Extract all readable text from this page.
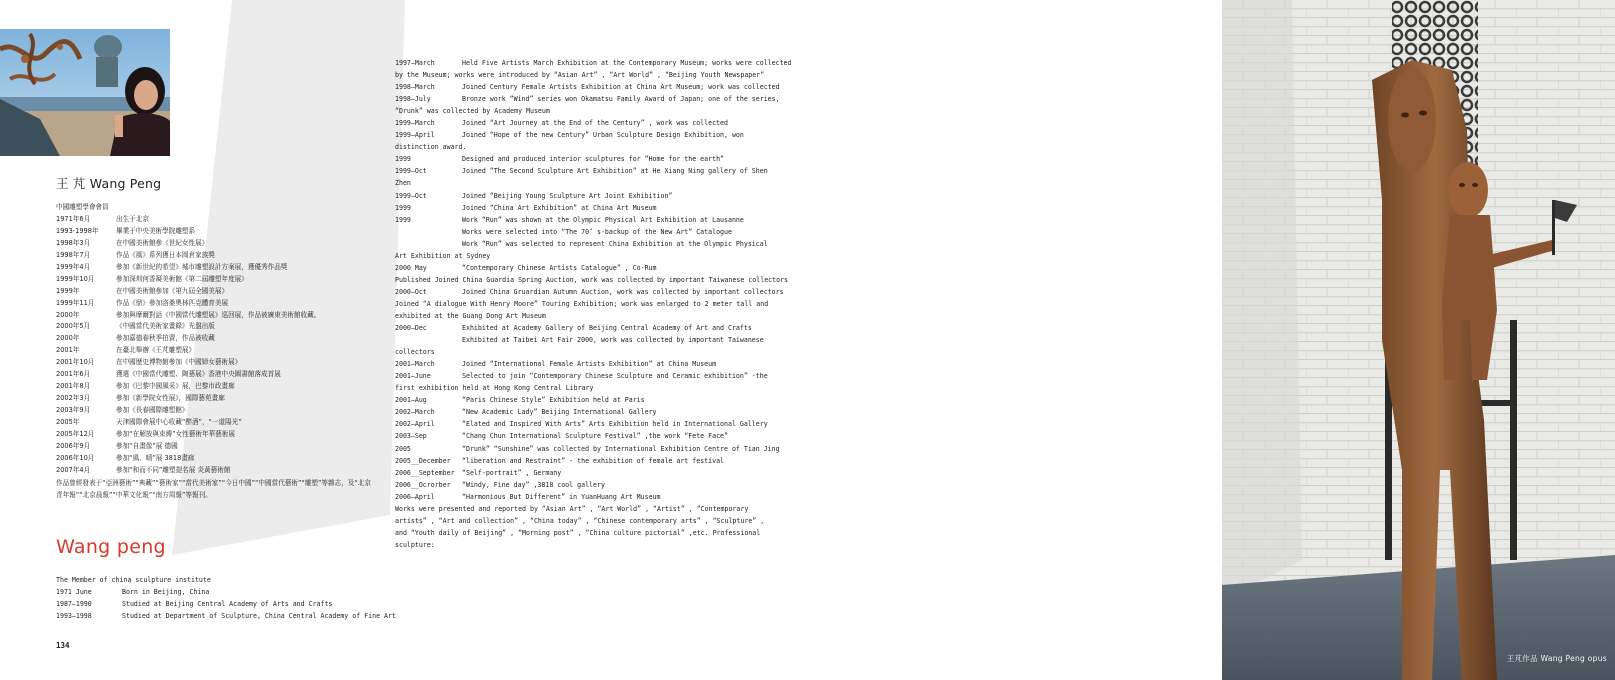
王 芃 Wang Peng
中國雕塑學會會員
1971年6月	出生于北京
1993-1998年	畢業于中央美術學院雕塑系
1998年3月	在中國美術館參《世紀女性展》
1998年7月	作品《風》系列獲日本岡倉家族獎
1999年4月	參加《新世紀的希望》城市雕塑設計方案展，獲優秀作品獎
1999年10月	參加深圳何香凝美術館《第二屆雕塑年度展》
1999年	在中國美術館參加《第九屆全國美展》
1999年11月	作品《鼎》參加洛桑奧林匹克體育美展
2000年	參加與摩爾對話《中國當代雕塑展》巡回展，作品被廣東美術館收藏。
2000年5月	《中國當代美術家畫錄》光盤出版
2000年	參加嘉德春秋季拍賣，作品被收藏
2001年	在臺北舉辦《王芃雕塑展》
2001年10月	在中國歷史博物館參加《中國婦女藝術展》
2001年6月	獲選《中國當代雕塑、陶藝展》香港中央圖書館落成首展
2001年8月	參加《巴黎中國風采》展，巴黎市政畫廊
2002年3月	參加《新學院女性展》，國際藝苑畫廊
2003年9月	參加《長春國際雕塑館》
2005年	天津國際會展中心收藏“醉酒”，“一道陽光”
2005年12月	參加“在解放與束縛”女性藝術年華藝術展
2006年9月	參加“自畫像”展 德國
2006年10月	參加“風、晴”展 3818畫廊
2007年4月	參加“和而不同”雕塑提名展 炎黃藝術館
作品曾經發表于“亞洲藝術”“典藏”“藝術家”“當代美術家”“今日中國”“中國當代藝術”“雕塑”等雜志，及“北京青年報”“北京晨報”“中華文化報”“南方周報”等報刊。
Wang peng
The Member of china sculpture institute
1971 June	Born in Beijing, China
1987—1990	Studied at Beijing Central Academy of Arts and Crafts
1993—1998	Studied at Department of Sculpture, China Central Academy of Fine Art
134
1997—March	Held Five Artists March Exhibition at the Contemporary Museum; works were collected
by the Museum; works were introduced by “Asian Art” , “Art World” , “Beijing Youth Newspaper”
1998—March	Joined Century Female Artists Exhibition at China Art Museum; work was collected
1998—July	Bronze work “Wind” series won Okamatsu Family Award of Japan; one of the series,
“Drunk” was collected by Academy Museum
1999—March	Joined “Art Journey at the End of the Century” , work was collected
1999—April	Joined “Hope of the new Century” Urban Sculpture Design Exhibition, won
distinction award.
1999	Designed and produced interior sculptures for “Home for the earth”
1999—Oct	Joined “The Second Sculpture Art Exhibition” at He Xiang Ning gallery of Shen
Zhen
1999—Oct	Joined “Beijing Young Sculpture Art Joint Exhibition”
1999	Joined “China Art Exhibition” at China Art Museum
1999	Work “Run” was shown at the Olympic Physical Art Exhibition at Lausanne
Works were selected into “The 70’ s-backup of the New Art” Catalogue
Work “Run” was selected to represent China Exhibition at the Olympic Physical
Art Exhibition at Sydney
2000 May	“Contemporary Chinese Artists Catalogue” , Co-Rum
Published Joined China Guardia Spring Auction, work was collected by important Taiwanese collectors
2000—Oct	Joined China Gruardian Autumn Auction, work was collected by important collectors
Joined “A dialogue With Henry Moore” Touring Exhibition; work was enlarged to 2 meter tall and
exhibited at the Guang Dong Art Museum
2000—Dec	Exhibited at Academy Gallery of Beijing Central Academy of Art and Crafts
Exhibited at Taibei Art Fair 2000, work was collected by important Taiwanese
collectors
2001—March	Joined “International Female Artists Exhibition” at China Museum
2001—June	Selected to join “Contemporary Chinese Sculpture and Ceramic exhibition” -the
first exhibition held at Hong Kong Central Library
2001—Aug	“Paris Chinese Style” Exhibition held at Paris
2002—March	“New Academic Lady” Beijing International Gallery
2002—April	“Elated and Inspired With Arts” Arts Exhibition held in International Gallery
2003—Sep	“Chang Chun International Sculpture Festival” ,the work “Fete Face”
2005	“Drunk” “Sunshine” was collected by International Exhibition Centre of Tian Jing
2005__December	“liberation and Restraint” - the exhibition of female art festival
2006__September	“Self-portrait” , Germany
2006__Ocrorber	“Windy, Fine day” ,3818 cool gallery
2006—April	“Harmonious But Different” in YuanHuang Art Museum
Works were presented and reported by “Asian Art” , “Art World” , “Artist” , “Contemporary
artists” , “Art and collection” , “China today” , “Chinese contemporary arts” , “Sculpture” ,
and “Youth daily of Beijing” , “Morning post” , “China culture pictorial” ,etc. Professional
sculpture:
王芃作品 Wang Peng opus
